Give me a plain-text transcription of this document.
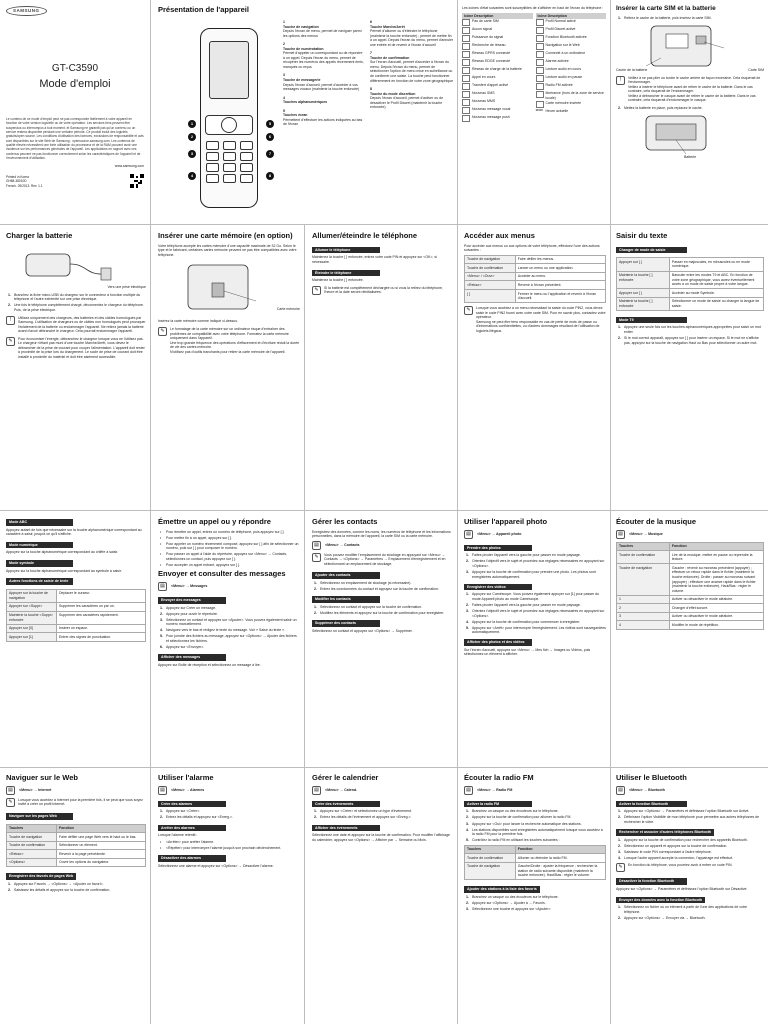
SAMSUNG
GT-C3590
Mode d'emploi
Le contenu de ce mode d'emploi peut ne pas correspondre fidèlement à votre appareil en fonction de votre version logicielle ou de votre opérateur. Les services tiers peuvent être suspendus ou interrompus à tout moment, et Samsung ne garantit pas qu'un contenu ou un service restera disponible pendant une certaine période. Ce produit inclut des logiciels gratuits/open source. Les conditions d'utilisation des licences, exclusions de responsabilité et avis sont disponibles sur le site Web de Samsung : opensource.samsung.com. Les contenus de qualité élevée nécessitent une forte utilisation du processeur et de la RAM pouvant avoir une incidence sur les performances générales de l'appareil. Les applications en rapport avec ces contenus peuvent ne pas fonctionner correctement selon les caractéristiques de l'appareil et de l'environnement d'utilisation.
www.samsung.com
Printed in Korea
GH68-38010D
French. 09/2013. Rev. 1.1
Présentation de l'appareil
1
2
3
4
5
6
7
8
1
Touche de navigation
Depuis l'écran de menu, permet de naviguer parmi les options des menus
2
Touche de numérotation
Permet d'appeler un correspondant ou de répondre à un appel. Depuis l'écran du menu, permet de récupérer les numéros des appels récemment émis, manqués ou reçus
3
Touche de messagerie
Depuis l'écran d'accueil, permet d'accéder à vos messages vocaux (maintenir la touche enfoncée)
4
Touches alphanumériques
5
Touches écran
Permettent d'effectuer les actions indiquées au bas de l'écran
6
Touche Marche/Arrêt
Permet d'allumer ou d'éteindre le téléphone (maintenir la touche enfoncée) ; permet de mettre fin à un appel. Depuis l'écran du menu, permet d'annuler une entrée et de revenir à l'écran d'accueil
7
Touche de confirmation
Sur l'écran d'accueil, permet d'accéder à l'écran du menu. Depuis l'écran du menu, permet de sélectionner l'option de menu mise en surbrillance ou de confirmer une saisie. La touche peut fonctionner différemment en fonction de votre zone géographique
8
Touche du mode discrétion
Depuis l'écran d'accueil, permet d'activer ou de désactiver le Profil Discret (maintenir la touche enfoncée)
Les icônes d'état suivantes sont susceptibles de s'afficher en haut de l'écran du téléphone :
Icône Description
Pas de carte SIM
Aucun signal
Puissance du signal
Recherche de réseau
Réseau GPRS connecté
Réseau EDGE connecté
Réseau de charge de la batterie
Appel en cours
Transfert d'appel activé
Nouveau SMS
Nouveau MMS
Nouveau message vocal
Nouveau message push
Icône Description
Profil Normal activé
Profil Discret activé
Fonction Bluetooth activée
Navigation sur le Web
Connecté à un ordinateur
Alarme activée
Lecture audio en cours
Lecture audio en pause
Radio FM activée
Itinérance (hors de la zone de service locale)
Carte mémoire insérée
10:00 Heure actuelle
Insérer la carte SIM et la batterie
1. Retirez le cache de la batterie, puis insérez la carte SIM.
Cache de la batterie	Carte SIM
!	Veillez à ne pas plier ou tordre le cache arrière de façon excessive. Cela risquerait de l'endommager.
Veillez à insérer le téléphone avant de retirer le cache de la batterie. Dans le cas contraire, cela risquerait de l'endommager.
Veillez à débrancher le casque avant de retirer le cache de la batterie. Dans le cas contraire, cela risquerait d'endommager le casque.
2. Mettez la batterie en place, puis replacez le cache.
Batterie
Charger la batterie
Vers une prise électrique
1. Branchez la fiche micro-USB du chargeur sur le connecteur à fonction multiple du téléphone et l'autre extrémité sur une prise électrique.
2. Une fois le téléphone complètement chargé, déconnectez le chargeur du téléphone. Puis, de la prise électrique.
!	Utilisez uniquement des chargeurs, des batteries et des câbles homologués par Samsung. L'utilisation de chargeurs ou de câbles non homologués peut provoquer l'éclatement de la batterie ou endommager l'appareil. Ne retirez jamais la batterie avant d'avoir débranché le chargeur. Cela pourrait endommager l'appareil.
✎	Pour économiser l'énergie, débranchez le chargeur lorsque vous ne l'utilisez pas. Le chargeur n'étant pas muni d'une touche Marche/Arrêt, vous devez le débrancher de la prise de courant pour couper l'alimentation. L'appareil doit rester à proximité de la prise lors du chargement. Le socle de prise de courant doit être installé à proximité du matériel et doit être aisément accessible.
Insérer une carte mémoire (en option)
Votre téléphone accepte les cartes mémoire d'une capacité maximale de 32 Go. Selon le type et le fabricant, certaines cartes mémoire peuvent ne pas être compatibles avec votre téléphone.
Carte mémoire
Insérez la carte mémoire comme indiqué ci-dessus.
✎	Le formatage de la carte mémoire sur un ordinateur risque d'entraîner des problèmes de compatibilité avec votre téléphone. Formatez la carte mémoire uniquement dans l'appareil.
Une trop grande fréquence des opérations d'effacement et d'écriture réduit la durée de vie des cartes mémoire.
N'utilisez pas d'outils tranchants pour retirer la carte mémoire de l'appareil.
Allumer/éteindre le téléphone
Allumer le téléphone
Maintenez la touche [ ] enfoncée, entrez votre code PIN et appuyez sur <OK>, si nécessaire.
Éteindre le téléphone
Maintenez la touche [ ] enfoncée.
✎	Si la batterie est complètement déchargée ou si vous la retirez du téléphone, l'heure et la date seront réinitialisées.
Accéder aux menus
Pour accéder aux menus ou aux options de votre téléphone, effectuez l'une des actions suivantes :
Touche de navigation	Faire défiler les menus.
Touche de confirmation	Lancer un menu ou une application.
<Menu> / <Ouvr>	Accéder au menu.
<Retour>	Revenir à l'écran précédent.
[ ]	Fermer le menu ou l'application et revenir à l'écran d'accueil.
✎	Lorsque vous accédez à un menu nécessitant la saisie du code PIN2, vous devez saisir le code PIN2 fourni avec votre carte SIM. Pour en savoir plus, contactez votre opérateur.
Samsung ne peut être tenu responsable en cas de perte de mots de passe ou d'informations confidentielles, ou d'autres dommages résultant de l'utilisation de logiciels illégaux.
Saisir du texte
Changer de mode de saisie
Appuyer sur [ ]	Passer en majuscules, en minuscules ou en mode numérique.
Maintenir la touche [ ] enfoncée	Basculer entre les modes T9 et ABC. En fonction de votre zone géographique, vous aurez éventuellement accès à un mode de saisie propre à votre langue.
Appuyer sur [ ]	Accéder au mode Symbole.
Maintenir la touche [ ] enfoncée	Sélectionner un mode de saisie ou changer la langue de saisie.
Mode T9
1. Appuyez une seule fois sur les touches alphanumériques appropriées pour saisir un mot entier.
2. Si le mot correct apparaît, appuyez sur [ ] pour insérer un espace. Si le mot ne s'affiche pas, appuyez sur la touche de navigation Haut ou Bas pour sélectionner un autre mot.
Mode ABC
Appuyez autant de fois que nécessaire sur la touche alphanumérique correspondant au caractère à saisir, jusqu'à ce qu'il s'affiche.
Mode numérique
Appuyez sur la touche alphanumérique correspondant au chiffre à saisir.
Mode symbole
Appuyez sur la touche alphanumérique correspondant au symbole à saisir.
Autres fonctions de saisie de texte
Appuyer sur la touche de navigation	Déplacer le curseur.
Appuyer sur <Suppr>	Supprimer les caractères un par un.
Maintenir la touche <Suppr> enfoncée	Supprimer des caractères rapidement.
Appuyer sur [0]	Insérer un espace.
Appuyer sur [1]	Entrer des signes de ponctuation.
Émettre un appel ou y répondre
• Pour émettre un appel, entrez un numéro de téléphone, puis appuyez sur [ ].
• Pour mettre fin à un appel, appuyez sur [ ].
• Pour appeler un numéro récemment composé, appuyez sur [ ] afin de sélectionner un numéro, puis sur [ ] pour composer le numéro.
• Pour passer un appel à l'aide du répertoire, appuyez sur <Menu> → Contacts, sélectionnez un contact, puis appuyez sur [ ].
• Pour accepter un appel entrant, appuyez sur [ ].
Envoyer et consulter des messages
▤	<Menu> → Messages
Envoyer des messages
1. Appuyez sur Créer un message.
2. Appuyez pour ouvrir le répertoire.
3. Sélectionnez un contact et appuyez sur <Ajouter>. Vous pouvez également saisir un numéro manuellement.
4. Naviguez vers le bas et rédigez le texte du message. Voir « Saisir du texte ».
5. Pour joindre des fichiers au message, appuyez sur <Options> → Ajouter des fichiers et sélectionnez les fichiers.
6. Appuyez sur <Envoyer>.
Afficher des messages
Appuyez sur Boîte de réception et sélectionnez un message à lire.
Gérer les contacts
Enregistrez des données, comme les noms, les numéros de téléphone et les informations personnelles, dans la mémoire de l'appareil, la carte SIM ou la carte mémoire.
▤	<Menu> → Contacts
✎	Vous pouvez modifier l'emplacement du stockage en appuyant sur <Menu> → Contacts → <Options> → Paramètres → Emplacement d'enregistrement et en sélectionnant un emplacement de stockage.
Ajouter des contacts
1. Sélectionnez un emplacement de stockage (si nécessaire).
2. Entrez les coordonnées du contact et appuyez sur la touche de confirmation.
Modifier les contacts
1. Sélectionnez un contact et appuyez sur la touche de confirmation.
2. Modifiez les éléments et appuyez sur la touche de confirmation pour enregistrer.
Supprimer des contacts
Sélectionnez un contact et appuyez sur <Options> → Supprimer.
Utiliser l'appareil photo
▤	<Menu> → Appareil photo
Prendre des photos
1. Faites pivoter l'appareil vers la gauche pour passer en mode paysage.
2. Orientez l'objectif vers le sujet et procédez aux réglages nécessaires en appuyant sur <Options>.
3. Appuyez sur la touche de confirmation pour prendre une photo. Les photos sont enregistrées automatiquement.
Enregistrer des vidéos
1. Appuyez sur Caméscope. Vous pouvez également appuyer sur [1] pour passer du mode Appareil photo au mode Caméscope.
2. Faites pivoter l'appareil vers la gauche pour passer en mode paysage.
3. Orientez l'objectif vers le sujet et procédez aux réglages nécessaires en appuyant sur <Options>.
4. Appuyez sur la touche de confirmation pour commencer à enregistrer.
5. Appuyez sur <Arrêt> pour interrompre l'enregistrement. Les vidéos sont sauvegardées automatiquement.
Afficher des photos et des vidéos
Sur l'écran d'accueil, appuyez sur <Menu> → Mes fich → Images ou Vidéos, puis sélectionnez un élément à afficher.
Écouter de la musique
▤	<Menu> → Musique
Touches	Fonction
Touche de confirmation	Lire de la musique, mettre en pause ou reprendre la lecture.
Touche de navigation	Gauche : revenir au morceau précédent (appuyer) ; effectuer un retour rapide dans le fichier (maintenir la touche enfoncée). Droite : passer au morceau suivant (appuyer) ; effectuer une avance rapide dans le fichier (maintenir la touche enfoncée). Haut/Bas : régler le volume.
1	Activer ou désactiver le mode aléatoire.
2	Changer d'effet sonore.
3	Activer ou désactiver le mode aléatoire.
4	Modifier le mode de répétition.
Naviguer sur le Web
▤	<Menu> → Internet
✎	Lorsque vous accédez à Internet pour la première fois, il se peut que vous soyez invité à créer un profil Internet.
Naviguer sur les pages Web
Touches	Fonction
Touche de navigation	Faire défiler une page Web vers le haut ou le bas.
Touche de confirmation	Sélectionner un élément.
<Retour>	Revenir à la page précédente.
<Options>	Ouvrir les options du navigateur.
Enregistrer des favoris de pages Web
1. Appuyez sur Favoris → <Options> → <Ajouter un favori>.
2. Saisissez les détails et appuyez sur la touche de confirmation.
Utiliser l'alarme
▤	<Menu> → Alarmes
Créer des alarmes
1. Appuyez sur <Créer>.
2. Entrez les détails et appuyez sur <Enreg.>.
Arrêter des alarmes
Lorsque l'alarme retentit :
• <Arrêter> pour arrêter l'alarme.
• <Répéter> pour interrompre l'alarme jusqu'à son prochain déclenchement.
Désactiver des alarmes
Sélectionnez une alarme et appuyez sur <Options> → Désactiver l'alarme.
Gérer le calendrier
▤	<Menu> → Calend.
Créer des événements
1. Appuyez sur <Créer> et sélectionnez un type d'événement.
2. Entrez les détails de l'événement et appuyez sur <Enreg.>.
Afficher des événements
Sélectionnez une date et appuyez sur la touche de confirmation. Pour modifier l'affichage du calendrier, appuyez sur <Options> → Afficher par → Semaine ou Mois.
Écouter la radio FM
▤	<Menu> → Radio FM
Activer la radio FM
1. Branchez un casque ou des écouteurs sur le téléphone.
2. Appuyez sur la touche de confirmation pour allumer la radio FM.
3. Appuyez sur <Oui> pour lancer la recherche automatique des stations.
4. Les stations disponibles sont enregistrées automatiquement lorsque vous accédez à la radio FM pour la première fois.
5. Contrôlez la radio FM en utilisant les touches suivantes :
Touches	Fonction
Touche de confirmation	Allumer ou éteindre la radio FM.
Touche de navigation	Gauche/Droite : ajuster la fréquence ; rechercher la station de radio suivante disponible (maintenir la touche enfoncée). Haut/Bas : régler le volume.
Ajouter des stations à la liste des favoris
1. Branchez un casque ou des écouteurs sur le téléphone.
2. Appuyez sur <Options> → Ajouter à → Favoris.
3. Sélectionnez une touche et appuyez sur <Ajouter>.
Utiliser le Bluetooth
▤	<Menu> → Bluetooth
Activer la fonction Bluetooth
1. Appuyez sur <Options> → Paramètres et définissez l'option Bluetooth sur Activé.
2. Définissez l'option Visibilité de mon téléphone pour permettre aux autres téléphones de rechercher le vôtre.
Rechercher et associer d'autres téléphones Bluetooth
1. Appuyez sur la touche de confirmation pour rechercher des appareils Bluetooth.
2. Sélectionnez un appareil et appuyez sur la touche de confirmation.
3. Saisissez le code PIN correspondant à l'autre téléphone.
4. Lorsque l'autre appareil accepte la connexion, l'appairage est effectué.
✎	En fonction du téléphone, vous pourriez avoir à entrer un code PIN.
Désactiver la fonction Bluetooth
Appuyez sur <Options> → Paramètres et définissez l'option Bluetooth sur Désactivé.
Envoyer des données avec la fonction Bluetooth
1. Sélectionnez un fichier ou un élément à partir de l'une des applications de votre téléphone.
2. Appuyez sur <Options> → Envoyer via → Bluetooth.
